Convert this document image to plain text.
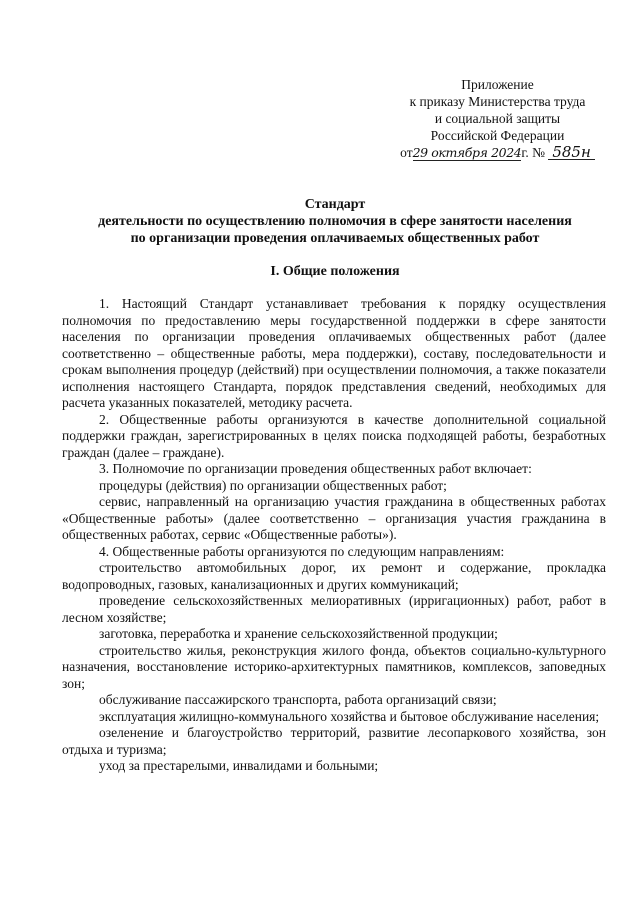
Приложение
к приказу Министерства труда
и социальной защиты
Российской Федерации
от29 октября 2024г. № 585н
Стандарт
деятельности по осуществлению полномочия в сфере занятости населения
по организации проведения оплачиваемых общественных работ
I. Общие положения

1. Настоящий Стандарт устанавливает требования к порядку осуществления полномочия по предоставлению меры государственной поддержки в сфере занятости населения по организации проведения оплачиваемых общественных работ (далее соответственно – общественные работы, мера поддержки), составу, последовательности и срокам выполнения процедур (действий) при осуществлении полномочия, а также показатели исполнения настоящего Стандарта, порядок представления сведений, необходимых для расчета указанных показателей, методику расчета.

2. Общественные работы организуются в качестве дополнительной социальной поддержки граждан, зарегистрированных в целях поиска подходящей работы, безработных граждан (далее – граждане).

3. Полномочие по организации проведения общественных работ включает:

процедуры (действия) по организации общественных работ;

сервис, направленный на организацию участия гражданина в общественных работах «Общественные работы» (далее соответственно – организация участия гражданина в общественных работах, сервис «Общественные работы»).

4. Общественные работы организуются по следующим направлениям:

строительство автомобильных дорог, их ремонт и содержание, прокладка водопроводных, газовых, канализационных и других коммуникаций;

проведение сельскохозяйственных мелиоративных (ирригационных) работ, работ в лесном хозяйстве;

заготовка, переработка и хранение сельскохозяйственной продукции;

строительство жилья, реконструкция жилого фонда, объектов социально-культурного назначения, восстановление историко-архитектурных памятников, комплексов, заповедных зон;

обслуживание пассажирского транспорта, работа организаций связи;

эксплуатация жилищно-коммунального хозяйства и бытовое обслуживание населения;

озеленение и благоустройство территорий, развитие лесопаркового хозяйства, зон отдыха и туризма;

уход за престарелыми, инвалидами и больными;
